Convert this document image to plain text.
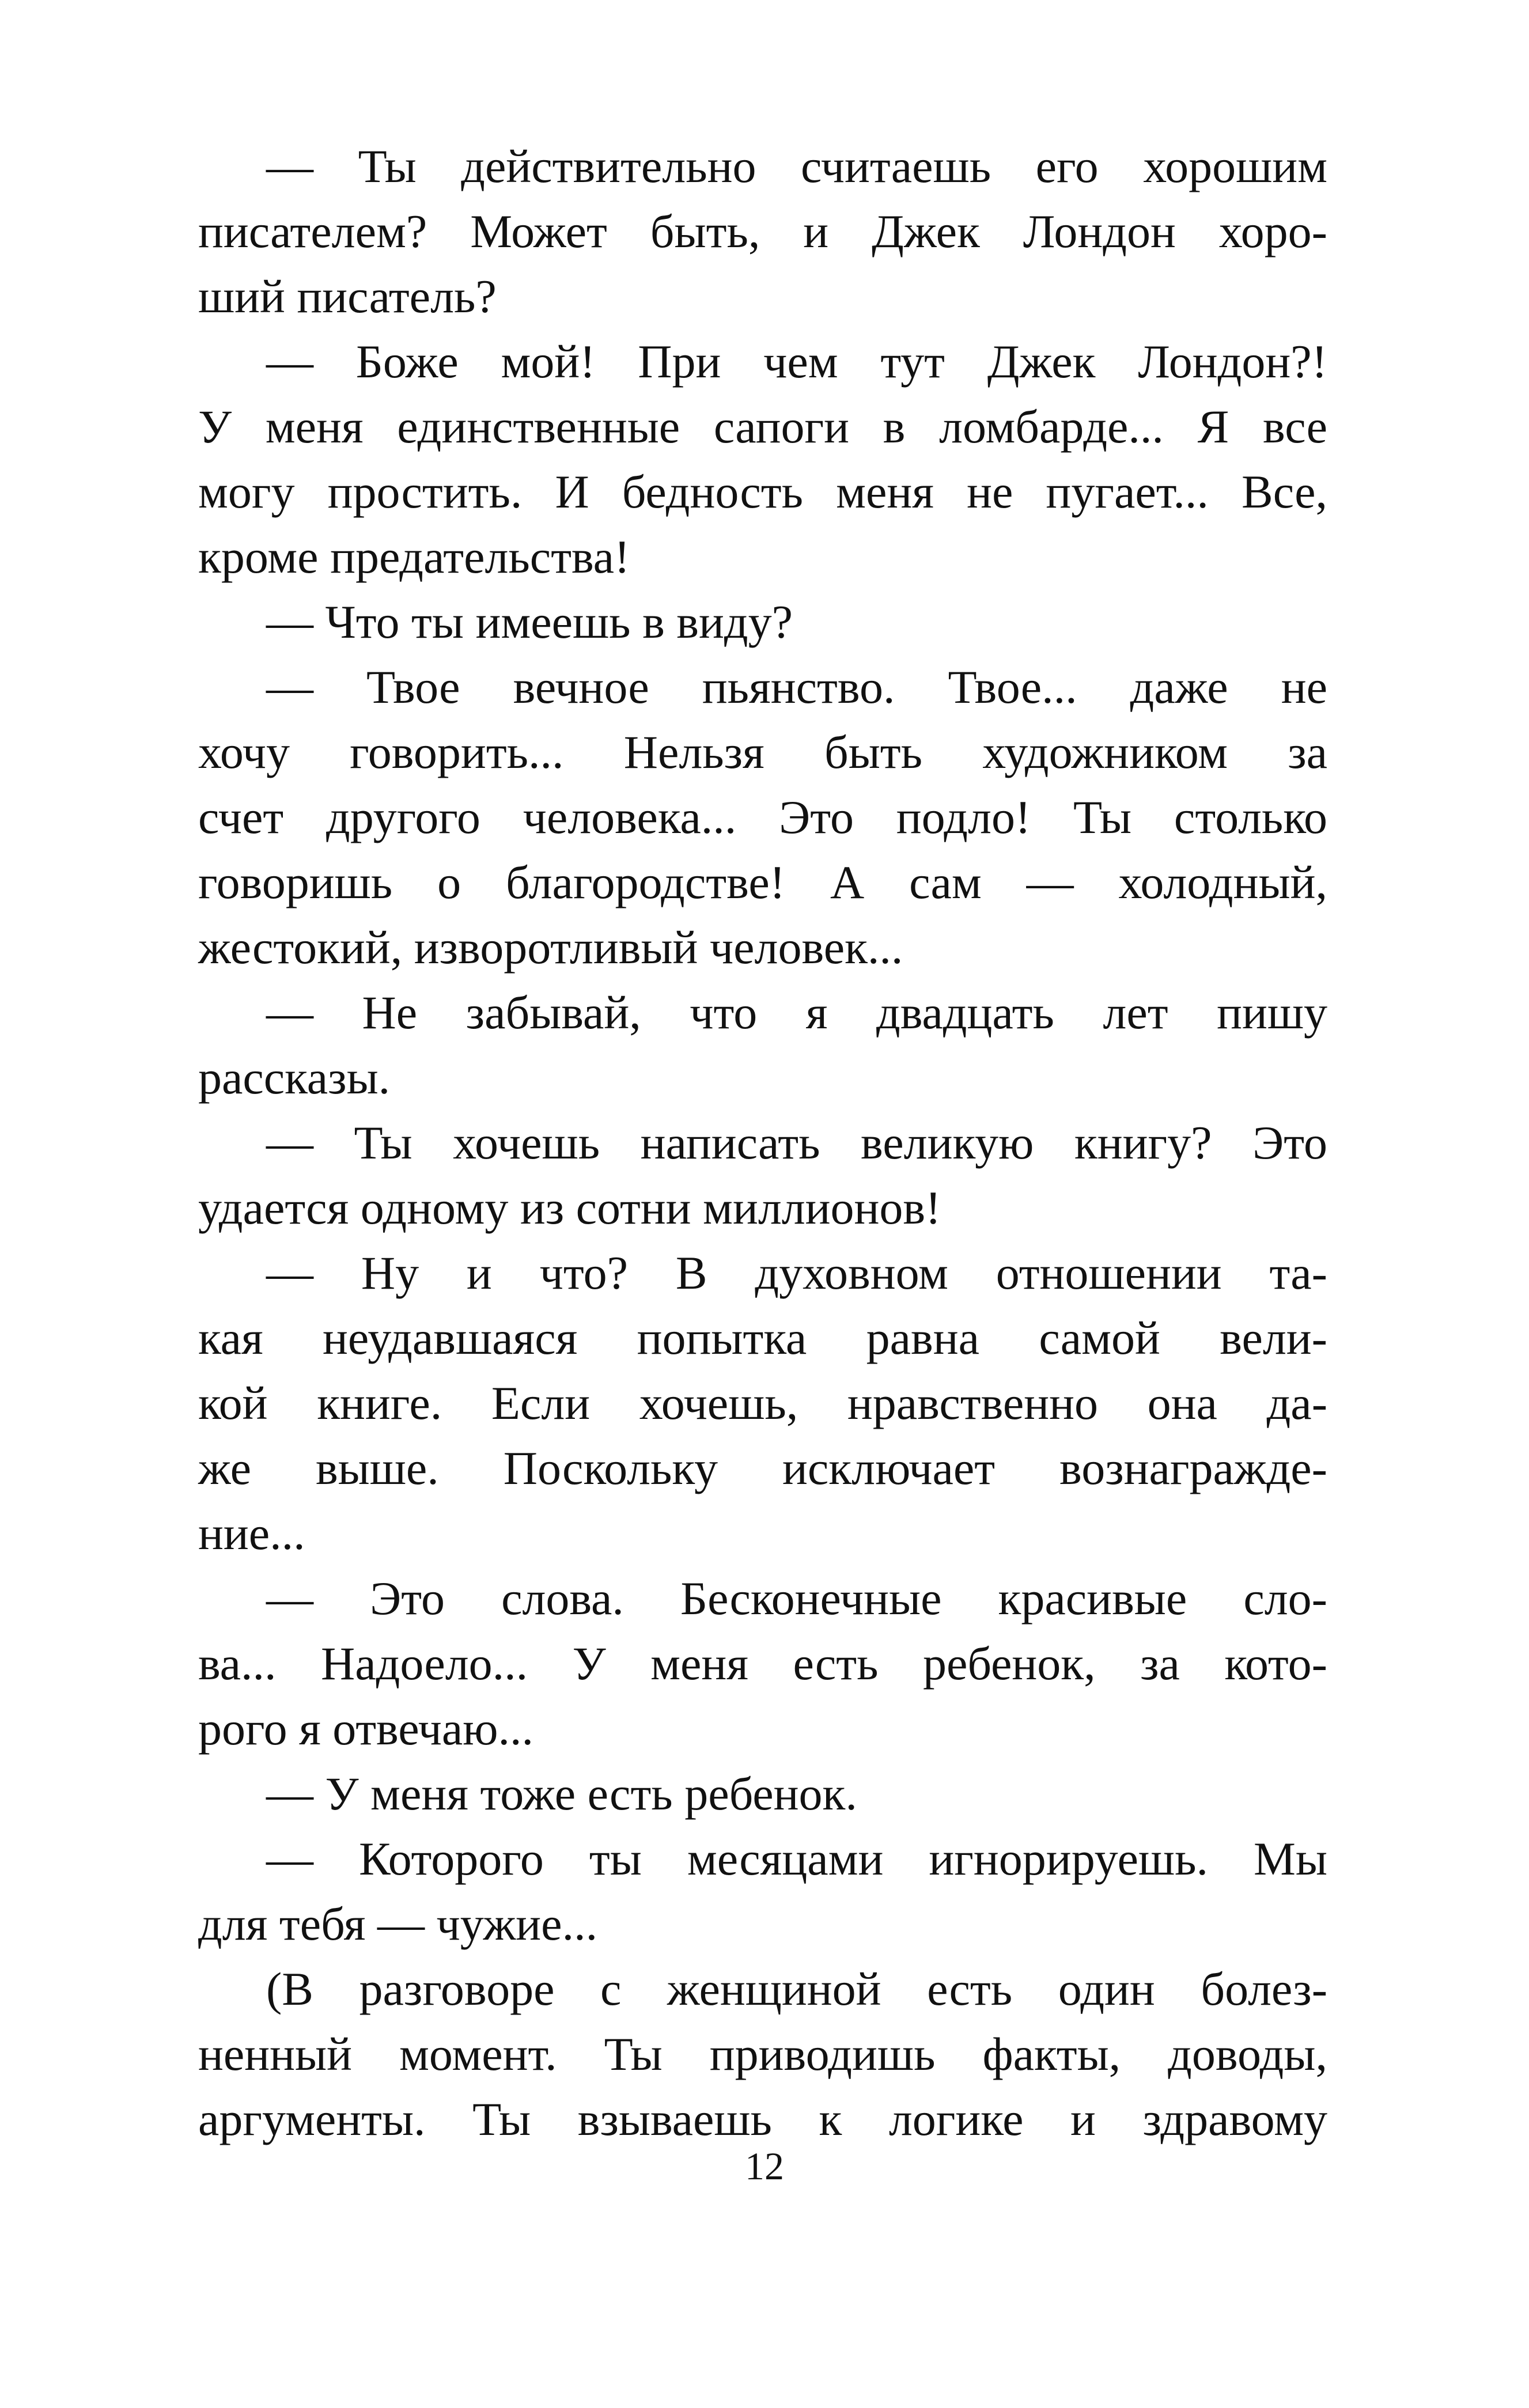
— Ты действительно считаешь его хорошим
писателем? Может быть, и Джек Лондон хоро-
ший писатель?
— Боже мой! При чем тут Джек Лондон?!
У меня единственные сапоги в ломбарде... Я все
могу простить. И бедность меня не пугает... Все,
кроме предательства!
— Что ты имеешь в виду?
— Твое вечное пьянство. Твое... даже не
хочу говорить... Нельзя быть художником за
счет другого человека... Это подло! Ты столько
говоришь о благородстве! А сам — холодный,
жестокий, изворотливый человек...
— Не забывай, что я двадцать лет пишу
рассказы.
— Ты хочешь написать великую книгу? Это
удается одному из сотни миллионов!
— Ну и что? В духовном отношении та-
кая неудавшаяся попытка равна самой вели-
кой книге. Если хочешь, нравственно она да-
же выше. Поскольку исключает вознагражде-
ние...
— Это слова. Бесконечные красивые сло-
ва... Надоело... У меня есть ребенок, за кото-
рого я отвечаю...
— У меня тоже есть ребенок.
— Которого ты месяцами игнорируешь. Мы
для тебя — чужие...
(В разговоре с женщиной есть один болез-
ненный момент. Ты приводишь факты, доводы,
аргументы. Ты взываешь к логике и здравому
12
